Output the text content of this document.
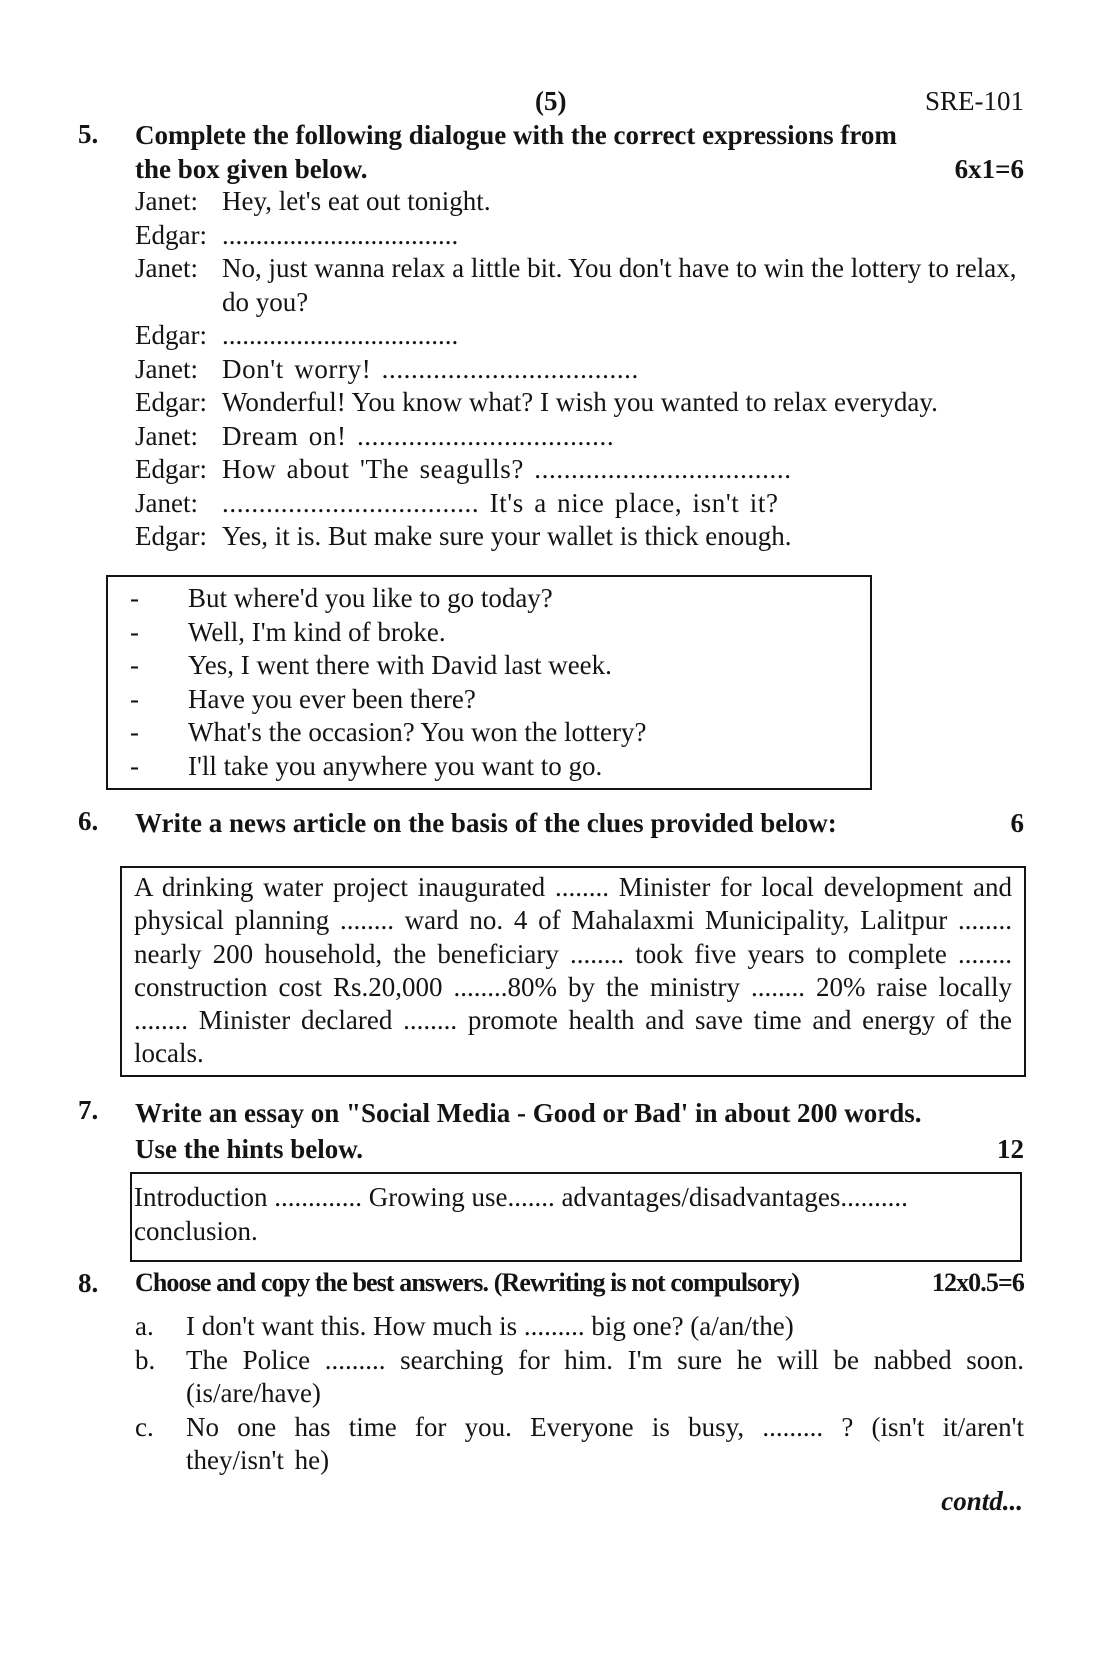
(5)	SRE-101
5. Complete the following dialogue with the correct expressions from
the box given below.	6x1=6
Janet: Hey, let's eat out tonight.
Edgar: ...................................
Janet: No, just wanna relax a little bit. You don't have to win the lottery to relax, do you?
Edgar: ...................................
Janet: Don't worry! ...................................
Edgar: Wonderful! You know what? I wish you wanted to relax everyday.
Janet: Dream on! ...................................
Edgar: How about 'The seagulls? ...................................
Janet: ................................... It's a nice place, isn't it?
Edgar: Yes, it is. But make sure your wallet is thick enough.
-	But where'd you like to go today?
-	Well, I'm kind of broke.
-	Yes, I went there with David last week.
-	Have you ever been there?
-	What's the occasion? You won the lottery?
-	I'll take you anywhere you want to go.
6. Write a news article on the basis of the clues provided below:	6
A drinking water project inaugurated ........ Minister for local development and physical planning ........ ward no. 4 of Mahalaxmi Municipality, Lalitpur ........ nearly 200 household, the beneficiary ........ took five years to complete ........ construction cost Rs.20,000 ........80% by the ministry ........ 20% raise locally ........ Minister declared ........ promote health and save time and energy of the locals.
7. Write an essay on "Social Media - Good or Bad' in about 200 words.
Use the hints below.	12
Introduction ............. Growing use....... advantages/disadvantages.......... conclusion.
8. Choose and copy the best answers. (Rewriting is not compulsory)	12x0.5=6
a.	I don't want this. How much is ......... big one? (a/an/the)
b.	The Police ......... searching for him. I'm sure he will be nabbed soon. (is/are/have)
c.	No one has time for you. Everyone is busy, ......... ? (isn't it/aren't they/isn't he)
contd...
